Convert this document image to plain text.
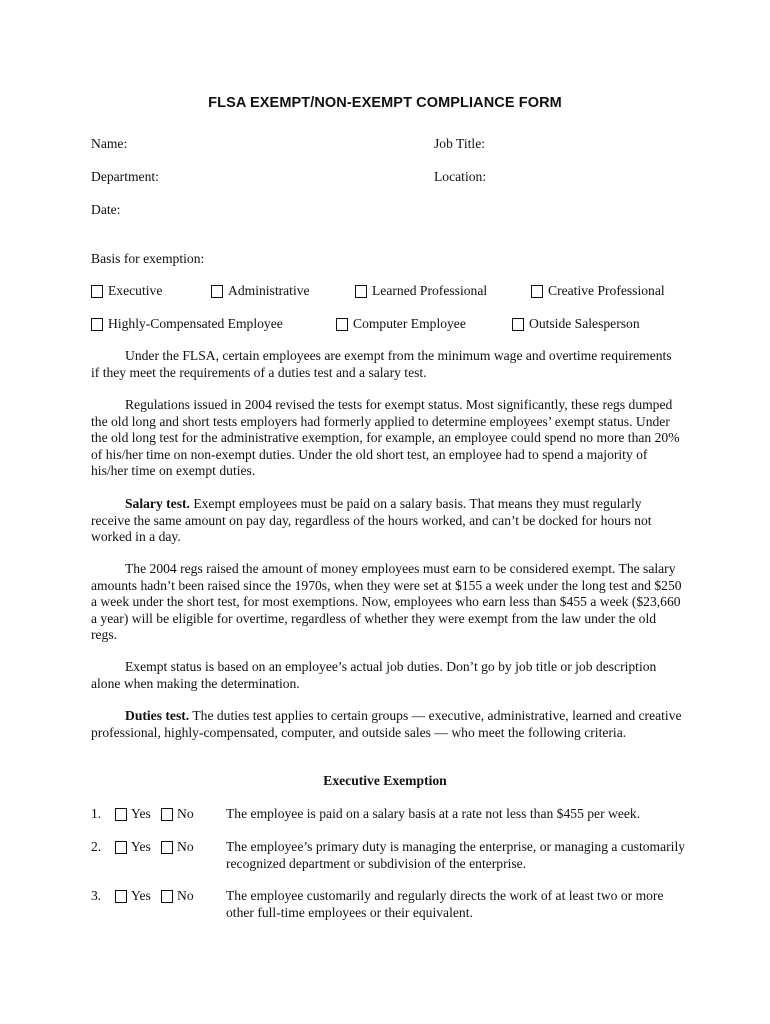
FLSA EXEMPT/NON-EXEMPT COMPLIANCE FORM
Name:	Job Title:
Department:	Location:
Date:
Basis for exemption:
Executive	Administrative	Learned Professional	Creative Professional
Highly-Compensated Employee	Computer Employee	Outside Salesperson
Under the FLSA, certain employees are exempt from the minimum wage and overtime requirements if they meet the requirements of a duties test and a salary test.
Regulations issued in 2004 revised the tests for exempt status. Most significantly, these regs dumped the old long and short tests employers had formerly applied to determine employees’ exempt status. Under the old long test for the administrative exemption, for example, an employee could spend no more than 20% of his/her time on non-exempt duties. Under the old short test, an employee had to spend a majority of his/her time on exempt duties.
Salary test. Exempt employees must be paid on a salary basis. That means they must regularly receive the same amount on pay day, regardless of the hours worked, and can’t be docked for hours not worked in a day.
The 2004 regs raised the amount of money employees must earn to be considered exempt. The salary amounts hadn’t been raised since the 1970s, when they were set at $155 a week under the long test and $250 a week under the short test, for most exemptions. Now, employees who earn less than $455 a week ($23,660 a year) will be eligible for overtime, regardless of whether they were exempt from the law under the old regs.
Exempt status is based on an employee’s actual job duties. Don’t go by job title or job description alone when making the determination.
Duties test. The duties test applies to certain groups — executive, administrative, learned and creative professional, highly-compensated, computer, and outside sales — who meet the following criteria.
Executive Exemption
1. Yes No The employee is paid on a salary basis at a rate not less than $455 per week.
2. Yes No The employee’s primary duty is managing the enterprise, or managing a customarily recognized department or subdivision of the enterprise.
3. Yes No The employee customarily and regularly directs the work of at least two or more other full-time employees or their equivalent.
